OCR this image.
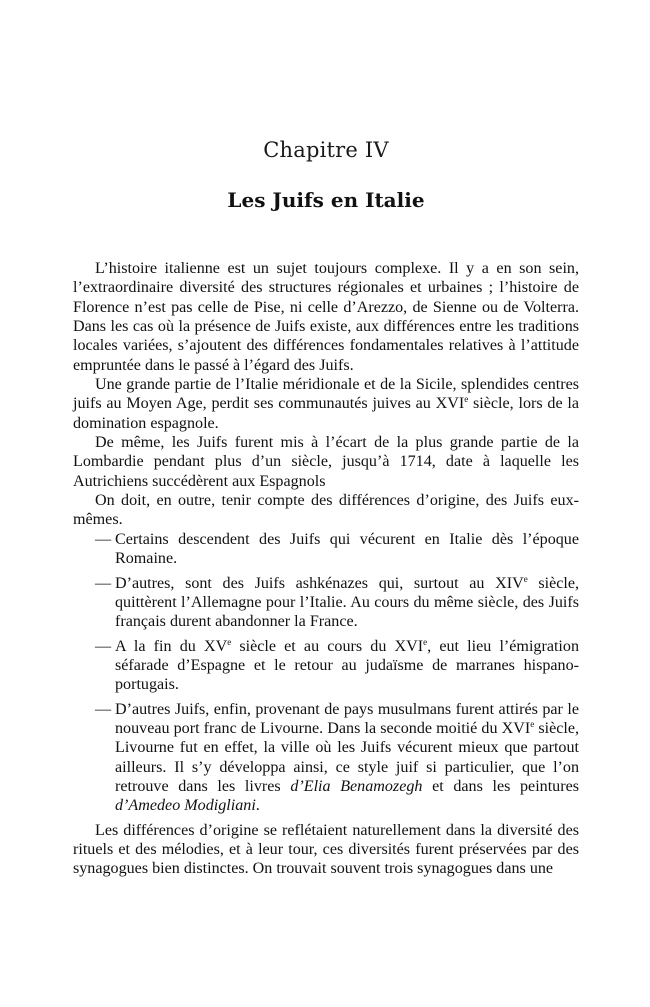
Chapitre IV
Les Juifs en Italie

L’histoire italienne est un sujet toujours complexe. Il y a en son sein, l’extraordinaire diversité des structures régionales et urbaines ; l’histoire de Florence n’est pas celle de Pise, ni celle d’Arezzo, de Sienne ou de Volterra. Dans les cas où la présence de Juifs existe, aux différences entre les traditions locales variées, s’ajoutent des différences fondamentales relatives à l’attitude empruntée dans le passé à l’égard des Juifs.

Une grande partie de l’Italie méridionale et de la Sicile, splendides centres juifs au Moyen Age, perdit ses communautés juives au XVIe siècle, lors de la domination espagnole.

De même, les Juifs furent mis à l’écart de la plus grande partie de la Lombardie pendant plus d’un siècle, jusqu’à 1714, date à laquelle les Autrichiens succédèrent aux Espagnols

On doit, en outre, tenir compte des différences d’origine, des Juifs eux-mêmes.

— Certains descendent des Juifs qui vécurent en Italie dès l’époque Romaine.
— D’autres, sont des Juifs ashkénazes qui, surtout au XIVe siècle, quittèrent l’Allemagne pour l’Italie. Au cours du même siècle, des Juifs français durent abandonner la France.
— A la fin du XVe siècle et au cours du XVIe, eut lieu l’émigration séfarade d’Espagne et le retour au judaïsme de marranes hispano-portugais.
— D’autres Juifs, enfin, provenant de pays musulmans furent attirés par le nouveau port franc de Livourne. Dans la seconde moitié du XVIe siècle, Livourne fut en effet, la ville où les Juifs vécurent mieux que partout ailleurs. Il s’y développa ainsi, ce style juif si particulier, que l’on retrouve dans les livres d’Elia Benamozegh et dans les peintures d’Amedeo Modigliani.

Les différences d’origine se reflétaient naturellement dans la diversité des rituels et des mélodies, et à leur tour, ces diversités furent préservées par des synagogues bien distinctes. On trouvait souvent trois synagogues dans une
